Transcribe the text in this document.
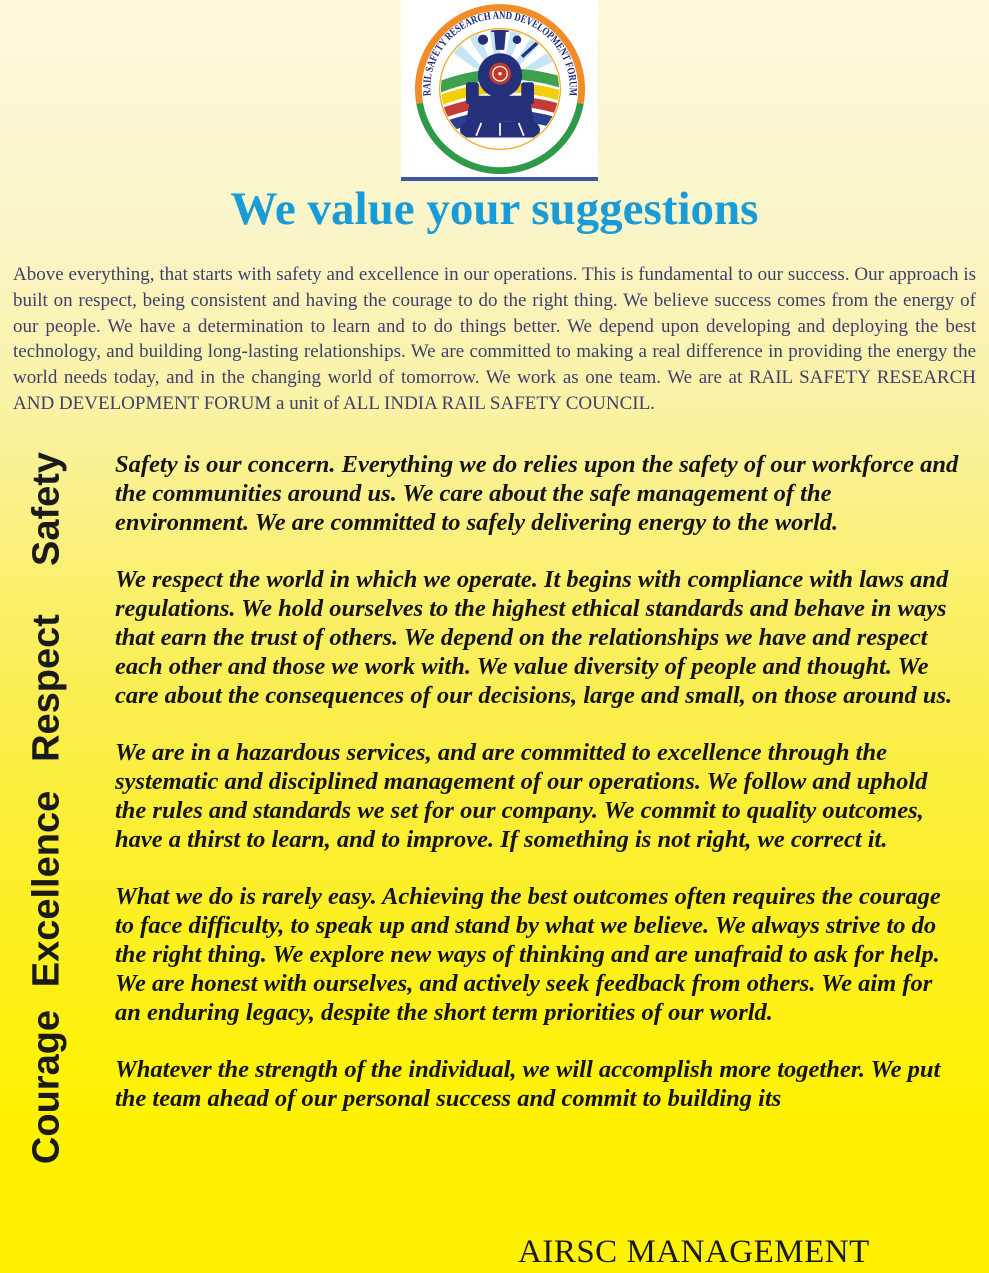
RAIL SAFETY RESEARCH AND DEVELOPMENT FORUM
We value your suggestions
Above everything, that starts with safety and excellence in our operations. This is fundamental to our success. Our approach is built on respect, being consistent and having the courage to do the right thing. We believe success comes from the energy of our people. We have a determination to learn and to do things better. We depend upon developing and deploying the best technology, and building long-lasting relationships. We are committed to making a real difference in providing the energy the world needs today, and in the changing world of tomorrow. We work as one team. We are at RAIL SAFETY RESEARCH AND DEVELOPMENT FORUM a unit of ALL INDIA RAIL SAFETY COUNCIL.
Safety
Respect
Excellence
Courage

Safety is our concern. Everything we do relies upon the safety of our workforce and the communities around us. We care about the safe management of the environment. We are committed to safely delivering energy to the world.

We respect the world in which we operate. It begins with compliance with laws and regulations. We hold ourselves to the highest ethical standards and behave in ways that earn the trust of others. We depend on the relationships we have and respect each other and those we work with. We value diversity of people and thought. We care about the consequences of our decisions, large and small, on those around us.

We are in a hazardous services, and are committed to excellence through the systematic and disciplined management of our operations. We follow and uphold the rules and standards we set for our company. We commit to quality outcomes, have a thirst to learn, and to improve. If something is not right, we correct it.

What we do is rarely easy. Achieving the best outcomes often requires the courage to face difficulty, to speak up and stand by what we believe. We always strive to do the right thing. We explore new ways of thinking and are unafraid to ask for help. We are honest with ourselves, and actively seek feedback from others. We aim for an enduring legacy, despite the short term priorities of our world.

Whatever the strength of the individual, we will accomplish more together. We put the team ahead of our personal success and commit to building its

AIRSC MANAGEMENT
